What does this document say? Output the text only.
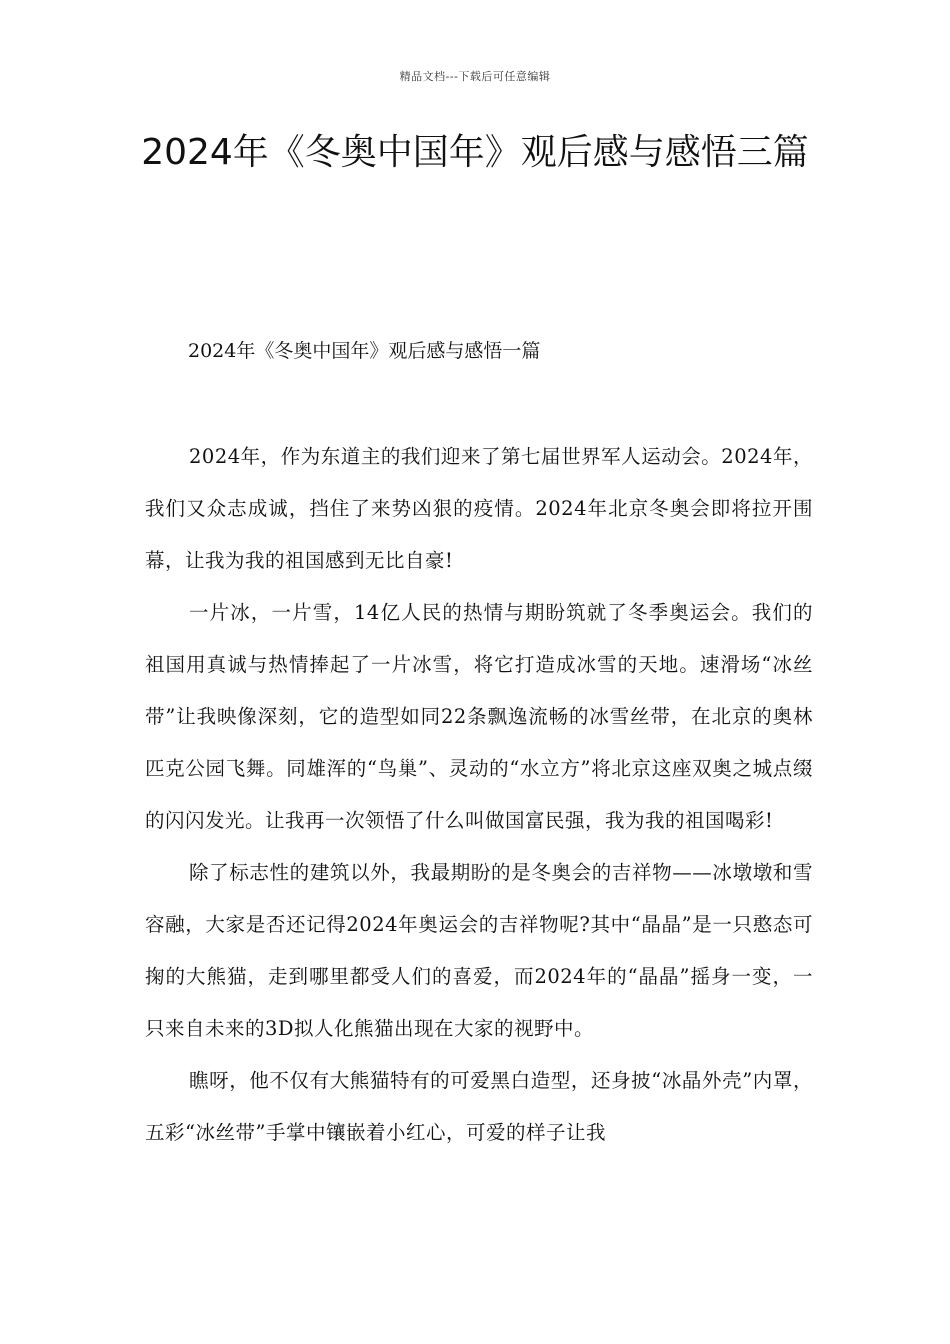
精品文档---下载后可任意编辑
2024年《冬奥中国年》观后感与感悟三篇
2024年《冬奥中国年》观后感与感悟一篇

2024年，作为东道主的我们迎来了第七届世界军人运动会。2024年，我们又众志成诚，挡住了来势凶狠的疫情。2024年北京冬奥会即将拉开围幕，让我为我的祖国感到无比自豪!

一片冰，一片雪，14亿人民的热情与期盼筑就了冬季奥运会。我们的祖国用真诚与热情捧起了一片冰雪，将它打造成冰雪的天地。速滑场“冰丝带”让我映像深刻，它的造型如同22条飘逸流畅的冰雪丝带，在北京的奥林匹克公园飞舞。同雄浑的“鸟巢”、灵动的“水立方”将北京这座双奥之城点缀的闪闪发光。让我再一次领悟了什么叫做国富民强，我为我的祖国喝彩!

除了标志性的建筑以外，我最期盼的是冬奥会的吉祥物——冰墩墩和雪容融，大家是否还记得2024年奥运会的吉祥物呢?其中“晶晶”是一只憨态可掬的大熊猫，走到哪里都受人们的喜爱，而2024年的“晶晶”摇身一变，一只来自未来的3D拟人化熊猫出现在大家的视野中。

瞧呀，他不仅有大熊猫特有的可爱黑白造型，还身披“冰晶外壳”内罩，五彩“冰丝带”手掌中镶嵌着小红心，可爱的样子让我
